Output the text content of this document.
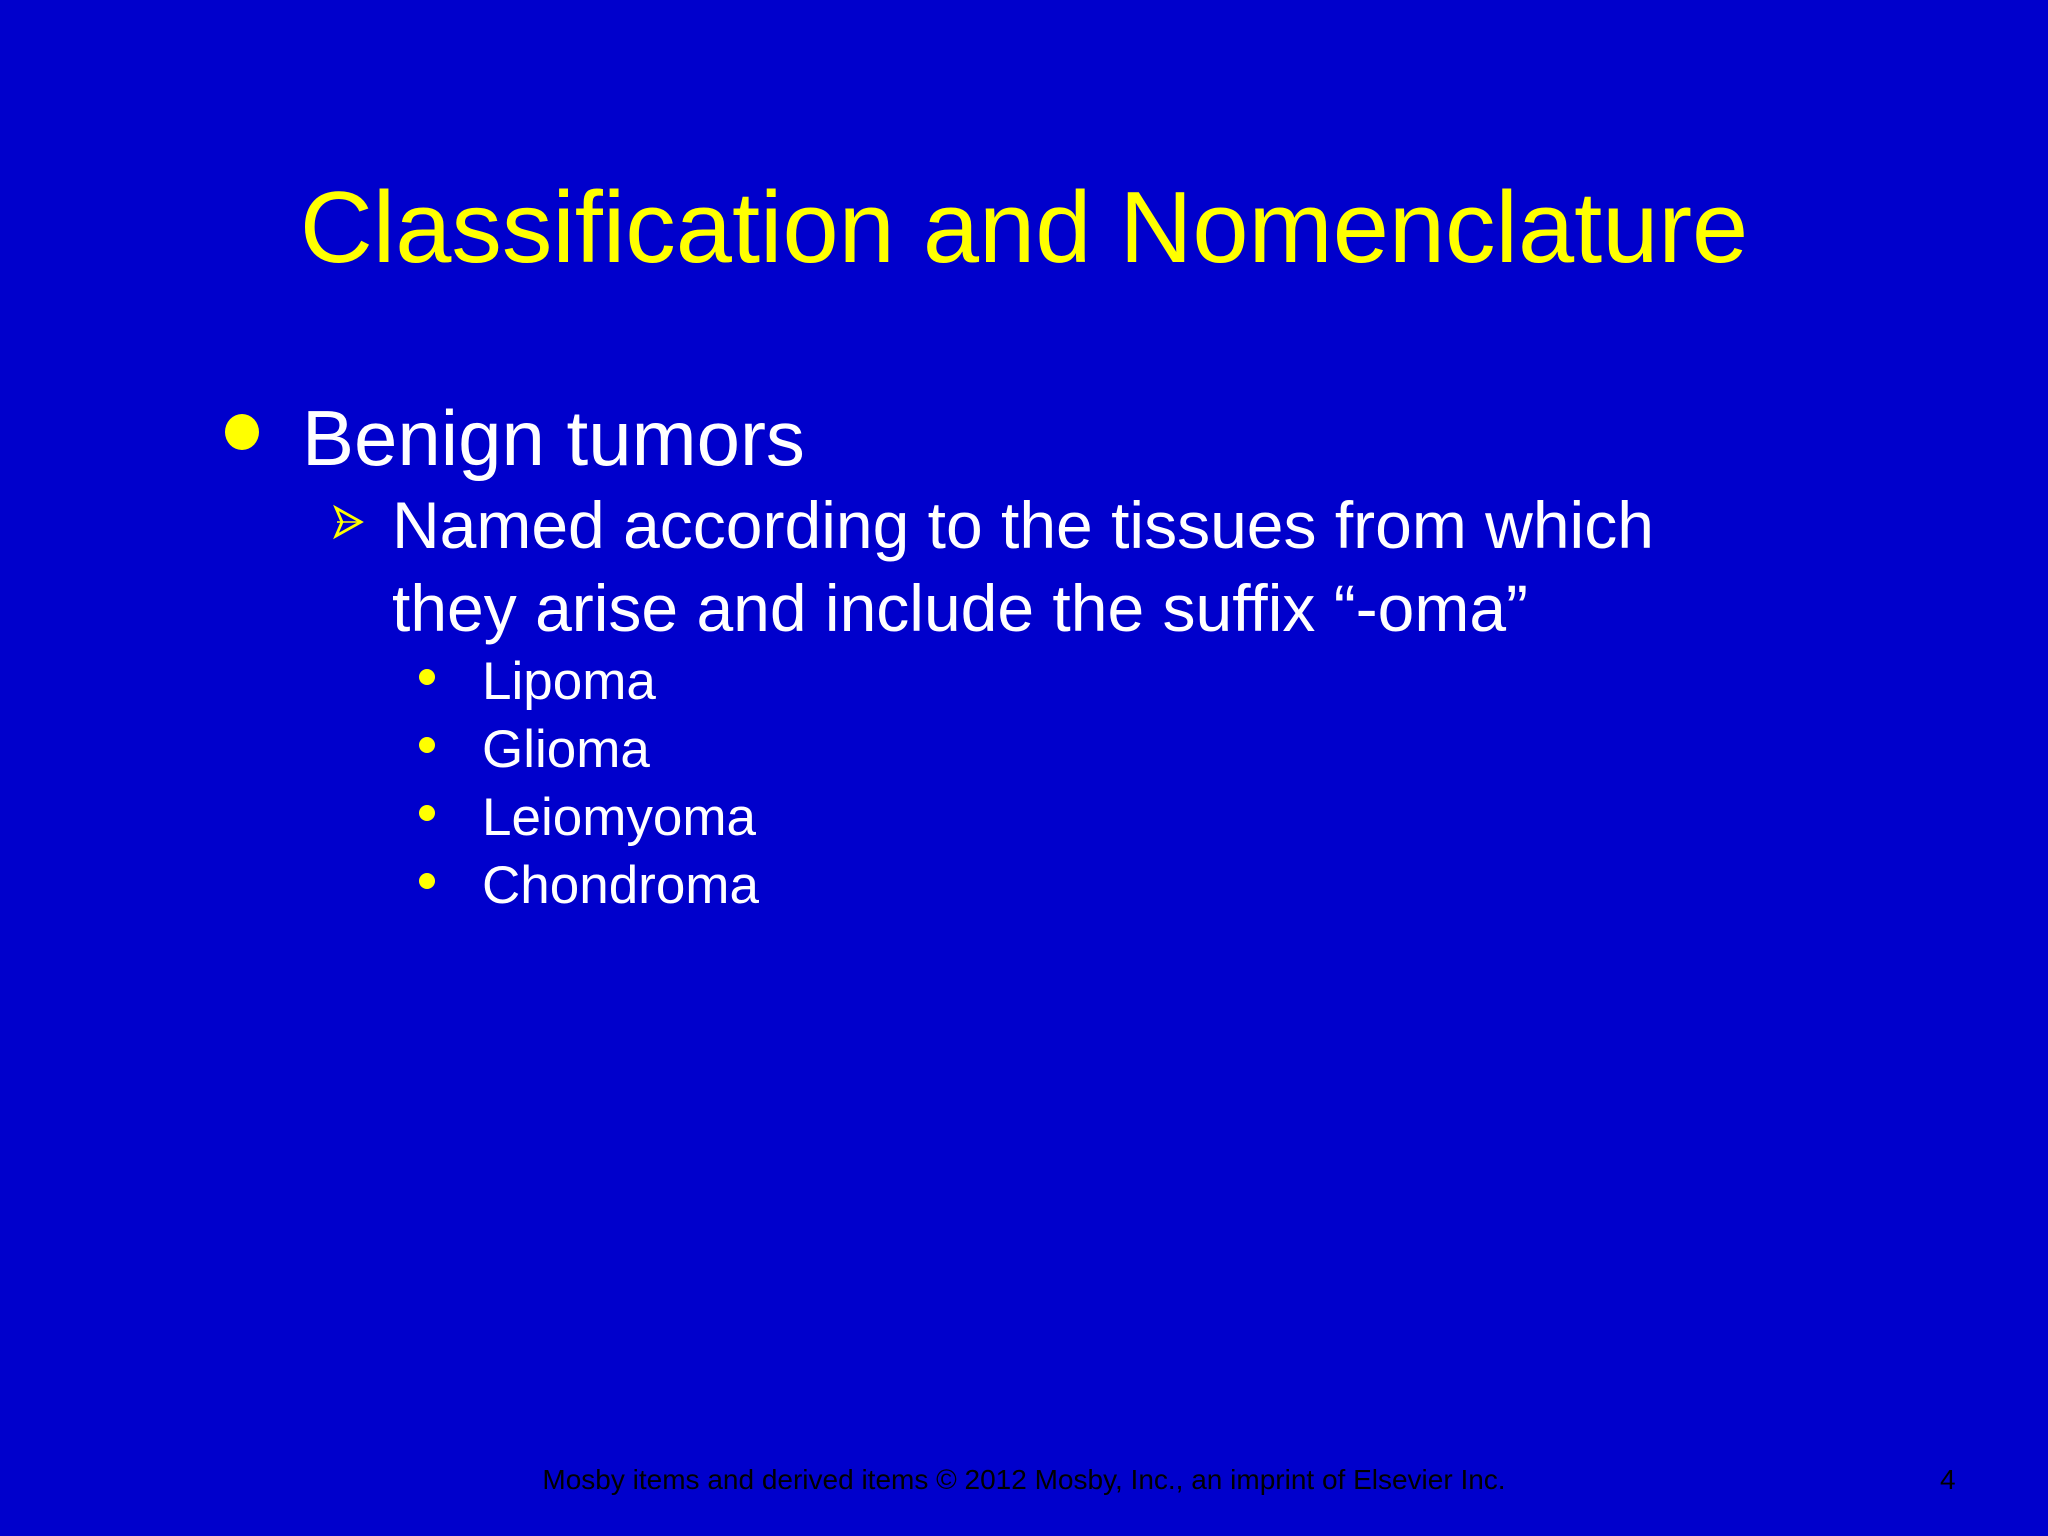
Classification and Nomenclature
Benign tumors
Named according to the tissues from which they arise and include the suffix “-oma”
Lipoma
Glioma
Leiomyoma
Chondroma
Mosby items and derived items © 2012 Mosby, Inc., an imprint of Elsevier Inc.	4
